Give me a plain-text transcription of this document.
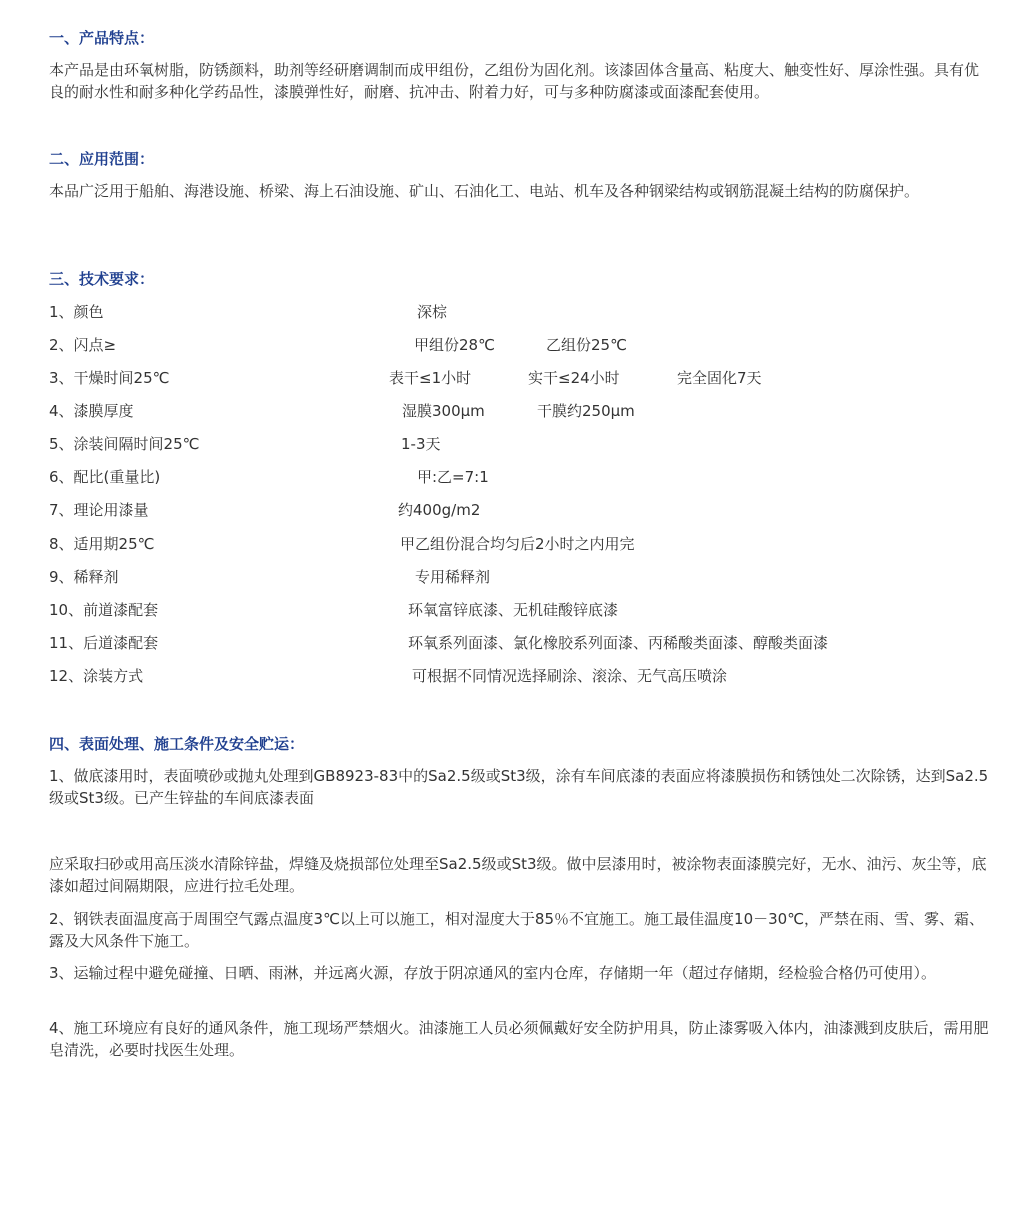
一、产品特点：

本产品是由环氧树脂，防锈颜料，助剂等经研磨调制而成甲组份，乙组份为固化剂。该漆固体含量高、粘度大、触变性好、厚涂性强。具有优良的耐水性和耐多种化学药品性，漆膜弹性好，耐磨、抗冲击、附着力好，可与多种防腐漆或面漆配套使用。

二、应用范围：

本品广泛用于船舶、海港设施、桥梁、海上石油设施、矿山、石油化工、电站、机车及各种钢梁结构或钢筋混凝土结构的防腐保护。

三、技术要求：
1、颜色	深棕
2、闪点≥	甲组份28℃	乙组份25℃
3、干燥时间25℃	表干≤1小时	实干≤24小时	完全固化7天
4、漆膜厚度	湿膜300μm	干膜约250μm
5、涂装间隔时间25℃	1-3天
6、配比(重量比)	甲:乙=7:1
7、理论用漆量	约400g/m2
8、适用期25℃	甲乙组份混合均匀后2小时之内用完
9、稀释剂	专用稀释剂
10、前道漆配套	环氧富锌底漆、无机硅酸锌底漆
11、后道漆配套	环氧系列面漆、氯化橡胶系列面漆、丙稀酸类面漆、醇酸类面漆
12、涂装方式	可根据不同情况选择刷涂、滚涂、无气高压喷涂
四、表面处理、施工条件及安全贮运：

1、做底漆用时，表面喷砂或抛丸处理到GB8923-83中的Sa2.5级或St3级，涂有车间底漆的表面应将漆膜损伤和锈蚀处二次除锈，达到Sa2.5级或St3级。已产生锌盐的车间底漆表面

应采取扫砂或用高压淡水清除锌盐，焊缝及烧损部位处理至Sa2.5级或St3级。做中层漆用时，被涂物表面漆膜完好，无水、油污、灰尘等，底漆如超过间隔期限，应进行拉毛处理。

2、钢铁表面温度高于周围空气露点温度3℃以上可以施工，相对湿度大于85％不宜施工。施工最佳温度10－30℃，严禁在雨、雪、雾、霜、露及大风条件下施工。

3、运输过程中避免碰撞、日晒、雨淋，并远离火源，存放于阴凉通风的室内仓库，存储期一年（超过存储期，经检验合格仍可使用）。

4、施工环境应有良好的通风条件，施工现场严禁烟火。油漆施工人员必须佩戴好安全防护用具，防止漆雾吸入体内，油漆溅到皮肤后，需用肥皂清洗，必要时找医生处理。
